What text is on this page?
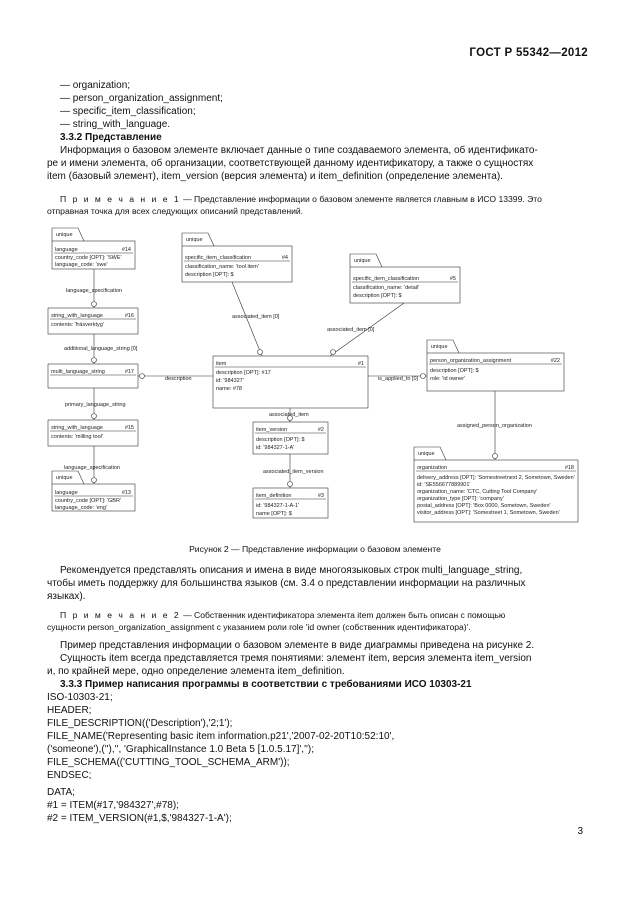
ГОСТ Р 55342—2012
— organization;
— person_organization_assignment;
— specific_item_classification;
— string_with_language.
3.3.2 Представление
Информация о базовом элементе включает данные о типе создаваемого элемента, об идентификато-
ре и имени элемента, об организации, соответствующей данному идентификатору, а также о сущностях
item (базовый элемент), item_version (версия элемента) и item_definition (определение элемента).
П р и м е ч а н и е 1 — Представление информации о базовом элементе является главным в ИСО 13399. Это
отправная точка для всех следующих описаний представлений.
unique
unique
unique
unique
unique
unique
language	#14
country_code [OPT]: 'SWE'
language_code: 'swe'
string_with_language	#16
contents: 'fräsverktyg'
multi_language_string	#17
string_with_language	#15
contents: 'milling tool'
language	#13
country_code [OPT]: 'GBR'
language_code: 'eng'
specific_item_classification	#4
classification_name: 'tool item'
description [OPT]: $
specific_item_classification	#5
classification_name: 'detail'
description [OPT]: $
item	#1
description [OPT]: #17
id: '984327'
name: #78
item_version	#2
description [OPT]: $
id: '984327-1-A'
item_definition	#3
id: '984327-1-A-1'
name [OPT]: $
person_organization_assignment	#22
description [OPT]: $
role: 'id owner'
organization	#18
delivery_address [OPT]: 'Somestreetnext 2, Sometown, Sweden'
id: 'SE556677889901'
organization_name: 'CTC, Cutting Tool Company'
organization_type [OPT]: 'company'
postal_address [OPT]: 'Box 0000, Sometown, Sweden'
visitor_address [OPT]: 'Somestreet 1, Sometown, Sweden'
language_specification
additional_language_string [0]
description
primary_language_string
language_specification
associated_item [0]
associated_item [0]
associated_item
associated_item_version
is_applied_to [0]
assigned_person_organization
Рисунок 2 — Представление информации о базовом элементе
Рекомендуется представлять описания и имена в виде многоязыковых строк multi_language_string,
чтобы иметь поддержку для большинства языков (см. 3.4 о представлении информации на различных
языках).
П р и м е ч а н и е 2 — Собственник идентификатора элемента item должен быть описан с помощью
сущности person_organization_assignment с указанием роли role 'id owner (собственник идентификатора)'.
Пример представления информации о базовом элементе в виде диаграммы приведена на рисунке 2.
Сущность item всегда представляется тремя понятиями: элемент item, версия элемента item_version
и, по крайней мере, одно определение элемента item_definition.
3.3.3 Пример написания программы в соответствии с требованиями ИСО 10303-21
ISO-10303-21;
HEADER;
FILE_DESCRIPTION(('Description'),'2;1');
FILE_NAME('Representing basic item information.p21','2007-02-20T10:52:10',
('someone'),(''),'', 'GraphicalInstance 1.0 Beta 5 [1.0.5.17]','');
FILE_SCHEMA(('CUTTING_TOOL_SCHEMA_ARM'));
ENDSEC;
DATA;
#1 = ITEM(#17,'984327',#78);
#2 = ITEM_VERSION(#1,$,'984327-1-A');
3
